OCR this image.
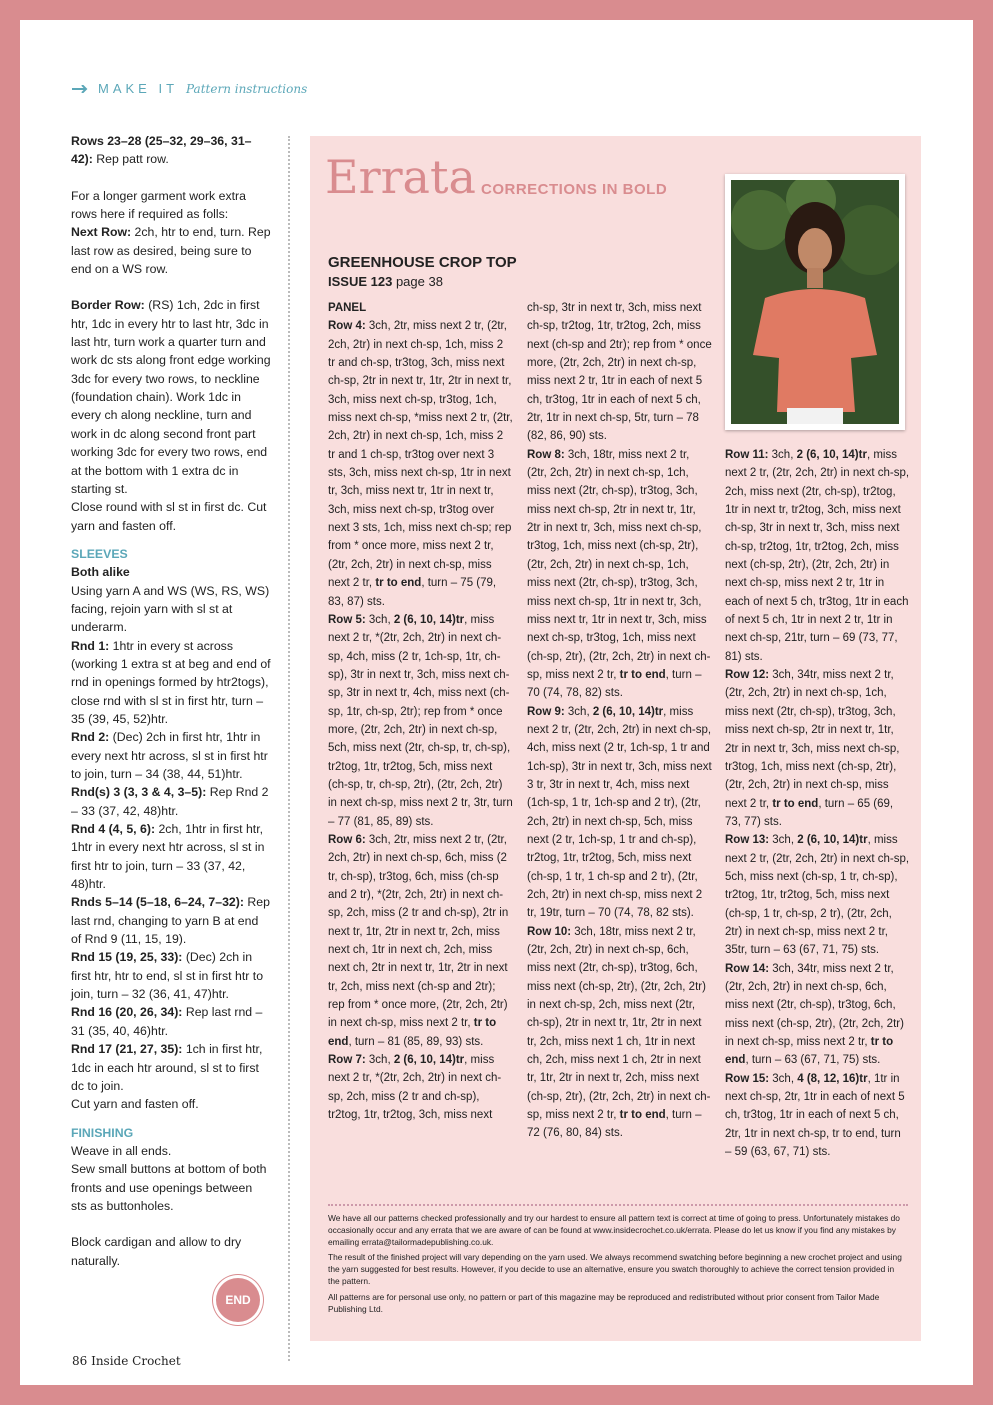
MAKE IT Pattern instructions

Rows 23–28 (25–32, 29–36, 31–42): Rep patt row.

For a longer garment work extra rows here if required as folls:

Next Row: 2ch, htr to end, turn. Rep last row as desired, being sure to end on a WS row.

Border Row: (RS) 1ch, 2dc in first htr, 1dc in every htr to last htr, 3dc in last htr, turn work a quarter turn and work dc sts along front edge working 3dc for every two rows, to neckline (foundation chain). Work 1dc in every ch along neckline, turn and work in dc along second front part working 3dc for every two rows, end at the bottom with 1 extra dc in starting st.

Close round with sl st in first dc. Cut yarn and fasten off.

SLEEVES

Both alike

Using yarn A and WS (WS, RS, WS) facing, rejoin yarn with sl st at underarm.

Rnd 1: 1htr in every st across (working 1 extra st at beg and end of rnd in openings formed by htr2togs), close rnd with sl st in first htr, turn – 35 (39, 45, 52)htr.

Rnd 2: (Dec) 2ch in first htr, 1htr in every next htr across, sl st in first htr to join, turn – 34 (38, 44, 51)htr.

Rnd(s) 3 (3, 3 & 4, 3–5): Rep Rnd 2 – 33 (37, 42, 48)htr.

Rnd 4 (4, 5, 6): 2ch, 1htr in first htr, 1htr in every next htr across, sl st in first htr to join, turn – 33 (37, 42, 48)htr.

Rnds 5–14 (5–18, 6–24, 7–32): Rep last rnd, changing to yarn B at end of Rnd 9 (11, 15, 19).

Rnd 15 (19, 25, 33): (Dec) 2ch in first htr, htr to end, sl st in first htr to join, turn – 32 (36, 41, 47)htr.

Rnd 16 (20, 26, 34): Rep last rnd – 31 (35, 40, 46)htr.

Rnd 17 (21, 27, 35): 1ch in first htr, 1dc in each htr around, sl st to first dc to join.

Cut yarn and fasten off.

FINISHING

Weave in all ends.

Sew small buttons at bottom of both fronts and use openings between sts as buttonholes.

Block cardigan and allow to dry naturally.

END
Errata CORRECTIONS IN BOLD
GREENHOUSE CROP TOP
ISSUE 123 page 38

PANEL

Row 4: 3ch, 2tr, miss next 2 tr, (2tr, 2ch, 2tr) in next ch-sp, 1ch, miss 2 tr and ch-sp, tr3tog, 3ch, miss next ch-sp, 2tr in next tr, 1tr, 2tr in next tr, 3ch, miss next ch-sp, tr3tog, 1ch, miss next ch-sp, *miss next 2 tr, (2tr, 2ch, 2tr) in next ch-sp, 1ch, miss 2 tr and 1 ch-sp, tr3tog over next 3 sts, 3ch, miss next ch-sp, 1tr in next tr, 3ch, miss next tr, 1tr in next tr, 3ch, miss next ch-sp, tr3tog over next 3 sts, 1ch, miss next ch-sp; rep from * once more, miss next 2 tr, (2tr, 2ch, 2tr) in next ch-sp, miss next 2 tr, tr to end, turn – 75 (79, 83, 87) sts.

Row 5: 3ch, 2 (6, 10, 14)tr, miss next 2 tr, *(2tr, 2ch, 2tr) in next ch-sp, 4ch, miss (2 tr, 1ch-sp, 1tr, ch-sp), 3tr in next tr, 3ch, miss next ch-sp, 3tr in next tr, 4ch, miss next (ch-sp, 1tr, ch-sp, 2tr); rep from * once more, (2tr, 2ch, 2tr) in next ch-sp, 5ch, miss next (2tr, ch-sp, tr, ch-sp), tr2tog, 1tr, tr2tog, 5ch, miss next (ch-sp, tr, ch-sp, 2tr), (2tr, 2ch, 2tr) in next ch-sp, miss next 2 tr, 3tr, turn – 77 (81, 85, 89) sts.

Row 6: 3ch, 2tr, miss next 2 tr, (2tr, 2ch, 2tr) in next ch-sp, 6ch, miss (2 tr, ch-sp), tr3tog, 6ch, miss (ch-sp and 2 tr), *(2tr, 2ch, 2tr) in next ch-sp, 2ch, miss (2 tr and ch-sp), 2tr in next tr, 1tr, 2tr in next tr, 2ch, miss next ch, 1tr in next ch, 2ch, miss next ch, 2tr in next tr, 1tr, 2tr in next tr, 2ch, miss next (ch-sp and 2tr); rep from * once more, (2tr, 2ch, 2tr) in next ch-sp, miss next 2 tr, tr to end, turn – 81 (85, 89, 93) sts.

Row 7: 3ch, 2 (6, 10, 14)tr, miss next 2 tr, *(2tr, 2ch, 2tr) in next ch-sp, 2ch, miss (2 tr and ch-sp), tr2tog, 1tr, tr2tog, 3ch, miss next

ch-sp, 3tr in next tr, 3ch, miss next ch-sp, tr2tog, 1tr, tr2tog, 2ch, miss next (ch-sp and 2tr); rep from * once more, (2tr, 2ch, 2tr) in next ch-sp, miss next 2 tr, 1tr in each of next 5 ch, tr3tog, 1tr in each of next 5 ch, 2tr, 1tr in next ch-sp, 5tr, turn – 78 (82, 86, 90) sts.

Row 8: 3ch, 18tr, miss next 2 tr, (2tr, 2ch, 2tr) in next ch-sp, 1ch, miss next (2tr, ch-sp), tr3tog, 3ch, miss next ch-sp, 2tr in next tr, 1tr, 2tr in next tr, 3ch, miss next ch-sp, tr3tog, 1ch, miss next (ch-sp, 2tr), (2tr, 2ch, 2tr) in next ch-sp, 1ch, miss next (2tr, ch-sp), tr3tog, 3ch, miss next ch-sp, 1tr in next tr, 3ch, miss next tr, 1tr in next tr, 3ch, miss next ch-sp, tr3tog, 1ch, miss next (ch-sp, 2tr), (2tr, 2ch, 2tr) in next ch-sp, miss next 2 tr, tr to end, turn – 70 (74, 78, 82) sts.

Row 9: 3ch, 2 (6, 10, 14)tr, miss next 2 tr, (2tr, 2ch, 2tr) in next ch-sp, 4ch, miss next (2 tr, 1ch-sp, 1 tr and 1ch-sp), 3tr in next tr, 3ch, miss next 3 tr, 3tr in next tr, 4ch, miss next (1ch-sp, 1 tr, 1ch-sp and 2 tr), (2tr, 2ch, 2tr) in next ch-sp, 5ch, miss next (2 tr, 1ch-sp, 1 tr and ch-sp), tr2tog, 1tr, tr2tog, 5ch, miss next (ch-sp, 1 tr, 1 ch-sp and 2 tr), (2tr, 2ch, 2tr) in next ch-sp, miss next 2 tr, 19tr, turn – 70 (74, 78, 82 sts).

Row 10: 3ch, 18tr, miss next 2 tr, (2tr, 2ch, 2tr) in next ch-sp, 6ch, miss next (2tr, ch-sp), tr3tog, 6ch, miss next (ch-sp, 2tr), (2tr, 2ch, 2tr) in next ch-sp, 2ch, miss next (2tr, ch-sp), 2tr in next tr, 1tr, 2tr in next tr, 2ch, miss next 1 ch, 1tr in next ch, 2ch, miss next 1 ch, 2tr in next tr, 1tr, 2tr in next tr, 2ch, miss next (ch-sp, 2tr), (2tr, 2ch, 2tr) in next ch-sp, miss next 2 tr, tr to end, turn – 72 (76, 80, 84) sts.

Row 11: 3ch, 2 (6, 10, 14)tr, miss next 2 tr, (2tr, 2ch, 2tr) in next ch-sp, 2ch, miss next (2tr, ch-sp), tr2tog, 1tr in next tr, tr2tog, 3ch, miss next ch-sp, 3tr in next tr, 3ch, miss next ch-sp, tr2tog, 1tr, tr2tog, 2ch, miss next (ch-sp, 2tr), (2tr, 2ch, 2tr) in next ch-sp, miss next 2 tr, 1tr in each of next 5 ch, tr3tog, 1tr in each of next 5 ch, 1tr in next 2 tr, 1tr in next ch-sp, 21tr, turn – 69 (73, 77, 81) sts.

Row 12: 3ch, 34tr, miss next 2 tr, (2tr, 2ch, 2tr) in next ch-sp, 1ch, miss next (2tr, ch-sp), tr3tog, 3ch, miss next ch-sp, 2tr in next tr, 1tr, 2tr in next tr, 3ch, miss next ch-sp, tr3tog, 1ch, miss next (ch-sp, 2tr), (2tr, 2ch, 2tr) in next ch-sp, miss next 2 tr, tr to end, turn – 65 (69, 73, 77) sts.

Row 13: 3ch, 2 (6, 10, 14)tr, miss next 2 tr, (2tr, 2ch, 2tr) in next ch-sp, 5ch, miss next (ch-sp, 1 tr, ch-sp), tr2tog, 1tr, tr2tog, 5ch, miss next (ch-sp, 1 tr, ch-sp, 2 tr), (2tr, 2ch, 2tr) in next ch-sp, miss next 2 tr, 35tr, turn – 63 (67, 71, 75) sts.

Row 14: 3ch, 34tr, miss next 2 tr, (2tr, 2ch, 2tr) in next ch-sp, 6ch, miss next (2tr, ch-sp), tr3tog, 6ch, miss next (ch-sp, 2tr), (2tr, 2ch, 2tr) in next ch-sp, miss next 2 tr, tr to end, turn – 63 (67, 71, 75) sts.

Row 15: 3ch, 4 (8, 12, 16)tr, 1tr in next ch-sp, 2tr, 1tr in each of next 5 ch, tr3tog, 1tr in each of next 5 ch, 2tr, 1tr in next ch-sp, tr to end, turn – 59 (63, 67, 71) sts.

We have all our patterns checked professionally and try our hardest to ensure all pattern text is correct at time of going to press. Unfortunately mistakes do occasionally occur and any errata that we are aware of can be found at www.insidecrochet.co.uk/errata. Please do let us know if you find any mistakes by emailing errata@tailormadepublishing.co.uk.

The result of the finished project will vary depending on the yarn used. We always recommend swatching before beginning a new crochet project and using the yarn suggested for best results. However, if you decide to use an alternative, ensure you swatch thoroughly to achieve the correct tension provided in the pattern.

All patterns are for personal use only, no pattern or part of this magazine may be reproduced and redistributed without prior consent from Tailor Made Publishing Ltd.

86 Inside Crochet
